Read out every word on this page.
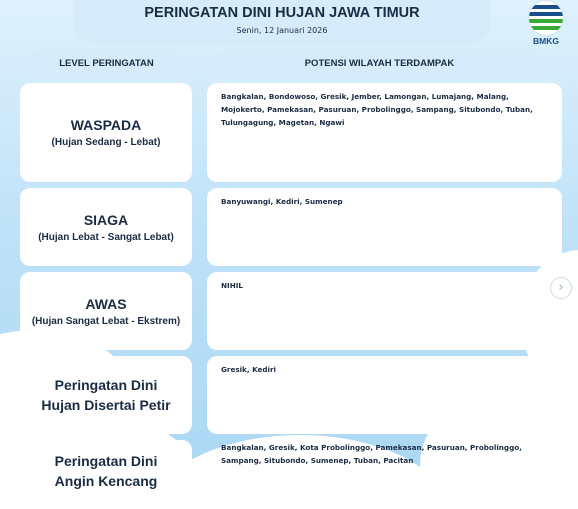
PERINGATAN DINI HUJAN JAWA TIMUR
Senin, 12 Januari 2026
BMKG
LEVEL PERINGATAN	POTENSI WILAYAH TERDAMPAK
WASPADA
(Hujan Sedang - Lebat)
Bangkalan, Bondowoso, Gresik, Jember, Lamongan, Lumajang, Malang, Mojokerto, Pamekasan, Pasuruan, Probolinggo, Sampang, Situbondo, Tuban, Tulungagung, Magetan, Ngawi
SIAGA
(Hujan Lebat - Sangat Lebat)
Banyuwangi, Kediri, Sumenep
AWAS
(Hujan Sangat Lebat - Ekstrem)
NIHIL
Peringatan Dini
Hujan Disertai Petir
Gresik, Kediri
Peringatan Dini
Angin Kencang
Bangkalan, Gresik, Kota Probolinggo, Pamekasan, Pasuruan, Probolinggo, Sampang, Situbondo, Sumenep, Tuban, Pacitan
›
